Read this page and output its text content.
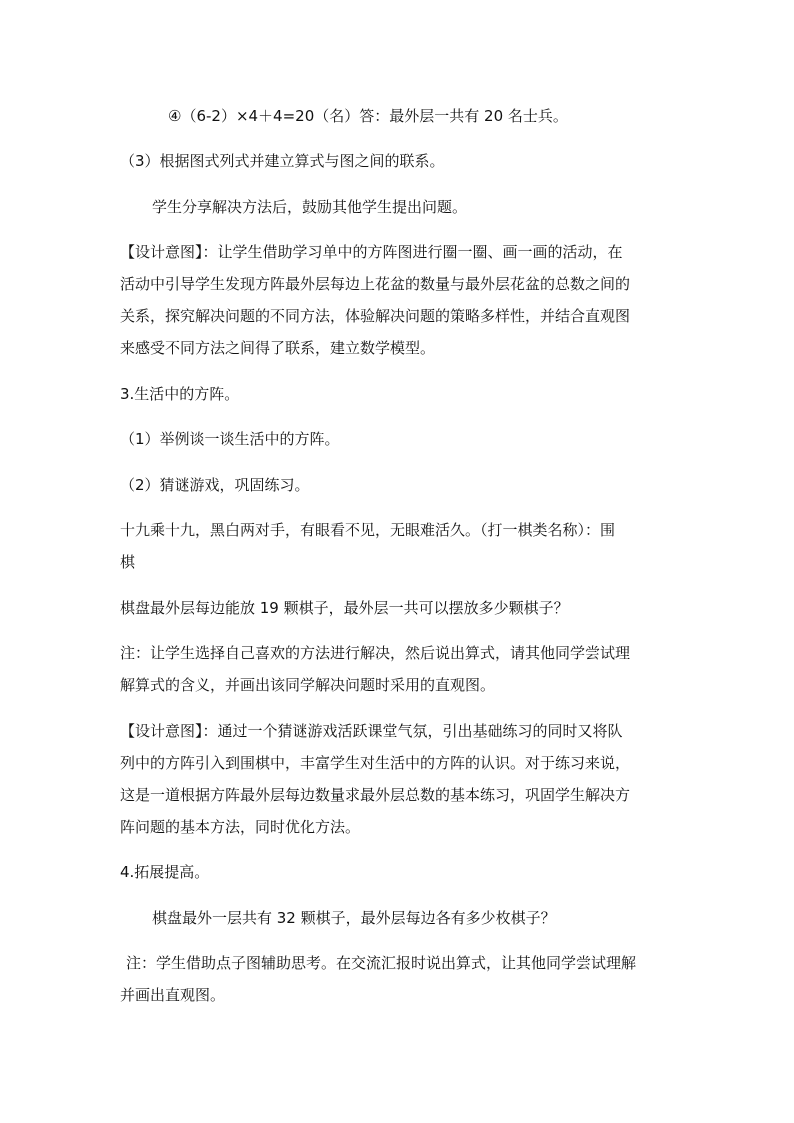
④（6-2）×4＋4=20（名）答：最外层一共有 20 名士兵。
（3）根据图式列式并建立算式与图之间的联系。
学生分享解决方法后，鼓励其他学生提出问题。
【设计意图】：让学生借助学习单中的方阵图进行圈一圈、画一画的活动，在
活动中引导学生发现方阵最外层每边上花盆的数量与最外层花盆的总数之间的
关系，探究解决问题的不同方法，体验解决问题的策略多样性，并结合直观图
来感受不同方法之间得了联系，建立数学模型。
3.生活中的方阵。
（1）举例谈一谈生活中的方阵。
（2）猜谜游戏，巩固练习。
十九乘十九，黑白两对手，有眼看不见，无眼难活久。（打一棋类名称）：围
棋
棋盘最外层每边能放 19 颗棋子，最外层一共可以摆放多少颗棋子？
注：让学生选择自己喜欢的方法进行解决，然后说出算式，请其他同学尝试理
解算式的含义，并画出该同学解决问题时采用的直观图。
【设计意图】：通过一个猜谜游戏活跃课堂气氛，引出基础练习的同时又将队
列中的方阵引入到围棋中，丰富学生对生活中的方阵的认识。对于练习来说，
这是一道根据方阵最外层每边数量求最外层总数的基本练习，巩固学生解决方
阵问题的基本方法，同时优化方法。
4.拓展提高。
棋盘最外一层共有 32 颗棋子，最外层每边各有多少枚棋子？
注：学生借助点子图辅助思考。在交流汇报时说出算式，让其他同学尝试理解
并画出直观图。
